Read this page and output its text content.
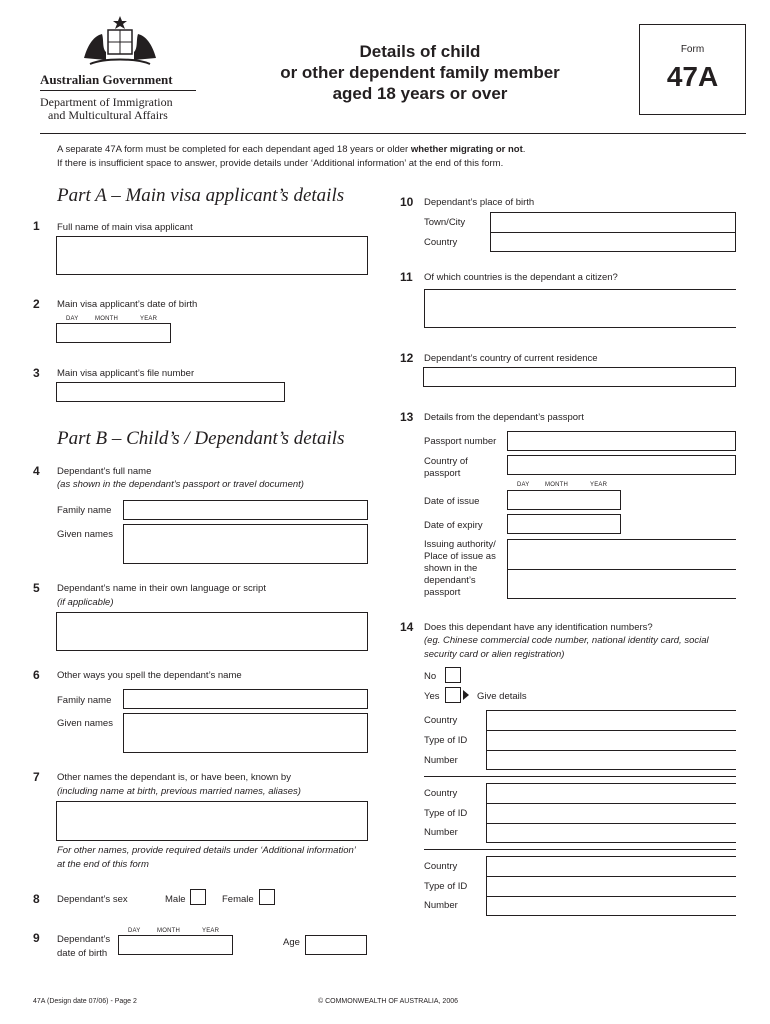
Australian Government
Department of Immigration
and Multicultural Affairs
Details of child
or other dependent family member
aged 18 years or over
Form
47A
A separate 47A form must be completed for each dependant aged 18 years or older whether migrating or not.
If there is insufficient space to answer, provide details under ‘Additional information’ at the end of this form.
Part A – Main visa applicant’s details
1 Full name of main visa applicant
2 Main visa applicant’s date of birth
DAY	MONTH	YEAR
3 Main visa applicant’s file number
Part B – Child’s / Dependant’s details
4 Dependant’s full name
(as shown in the dependant’s passport or travel document)
Family name
Given names
5 Dependant’s name in their own language or script
(if applicable)
6 Other ways you spell the dependant’s name
Family name
Given names
7 Other names the dependant is, or have been, known by
(including name at birth, previous married names, aliases)
For other names, provide required details under ‘Additional information’
at the end of this form
8 Dependant’s sex	Male	Female
9 Dependant’s
date of birth
DAY	MONTH	YEAR
Age
10 Dependant’s place of birth
Town/City
Country
11 Of which countries is the dependant a citizen?
12 Dependant’s country of current residence
13 Details from the dependant’s passport
Passport number
Country of
passport
DAY	MONTH	YEAR
Date of issue
Date of expiry
Issuing authority/
Place of issue as
shown in the
dependant’s
passport
14 Does this dependant have any identification numbers?
(eg. Chinese commercial code number, national identity card, social
security card or alien registration)
No
Yes	Give details
Country
Type of ID
Number
Country
Type of ID
Number
Country
Type of ID
Number
47A (Design date 07/06) - Page 2	© COMMONWEALTH OF AUSTRALIA, 2006
